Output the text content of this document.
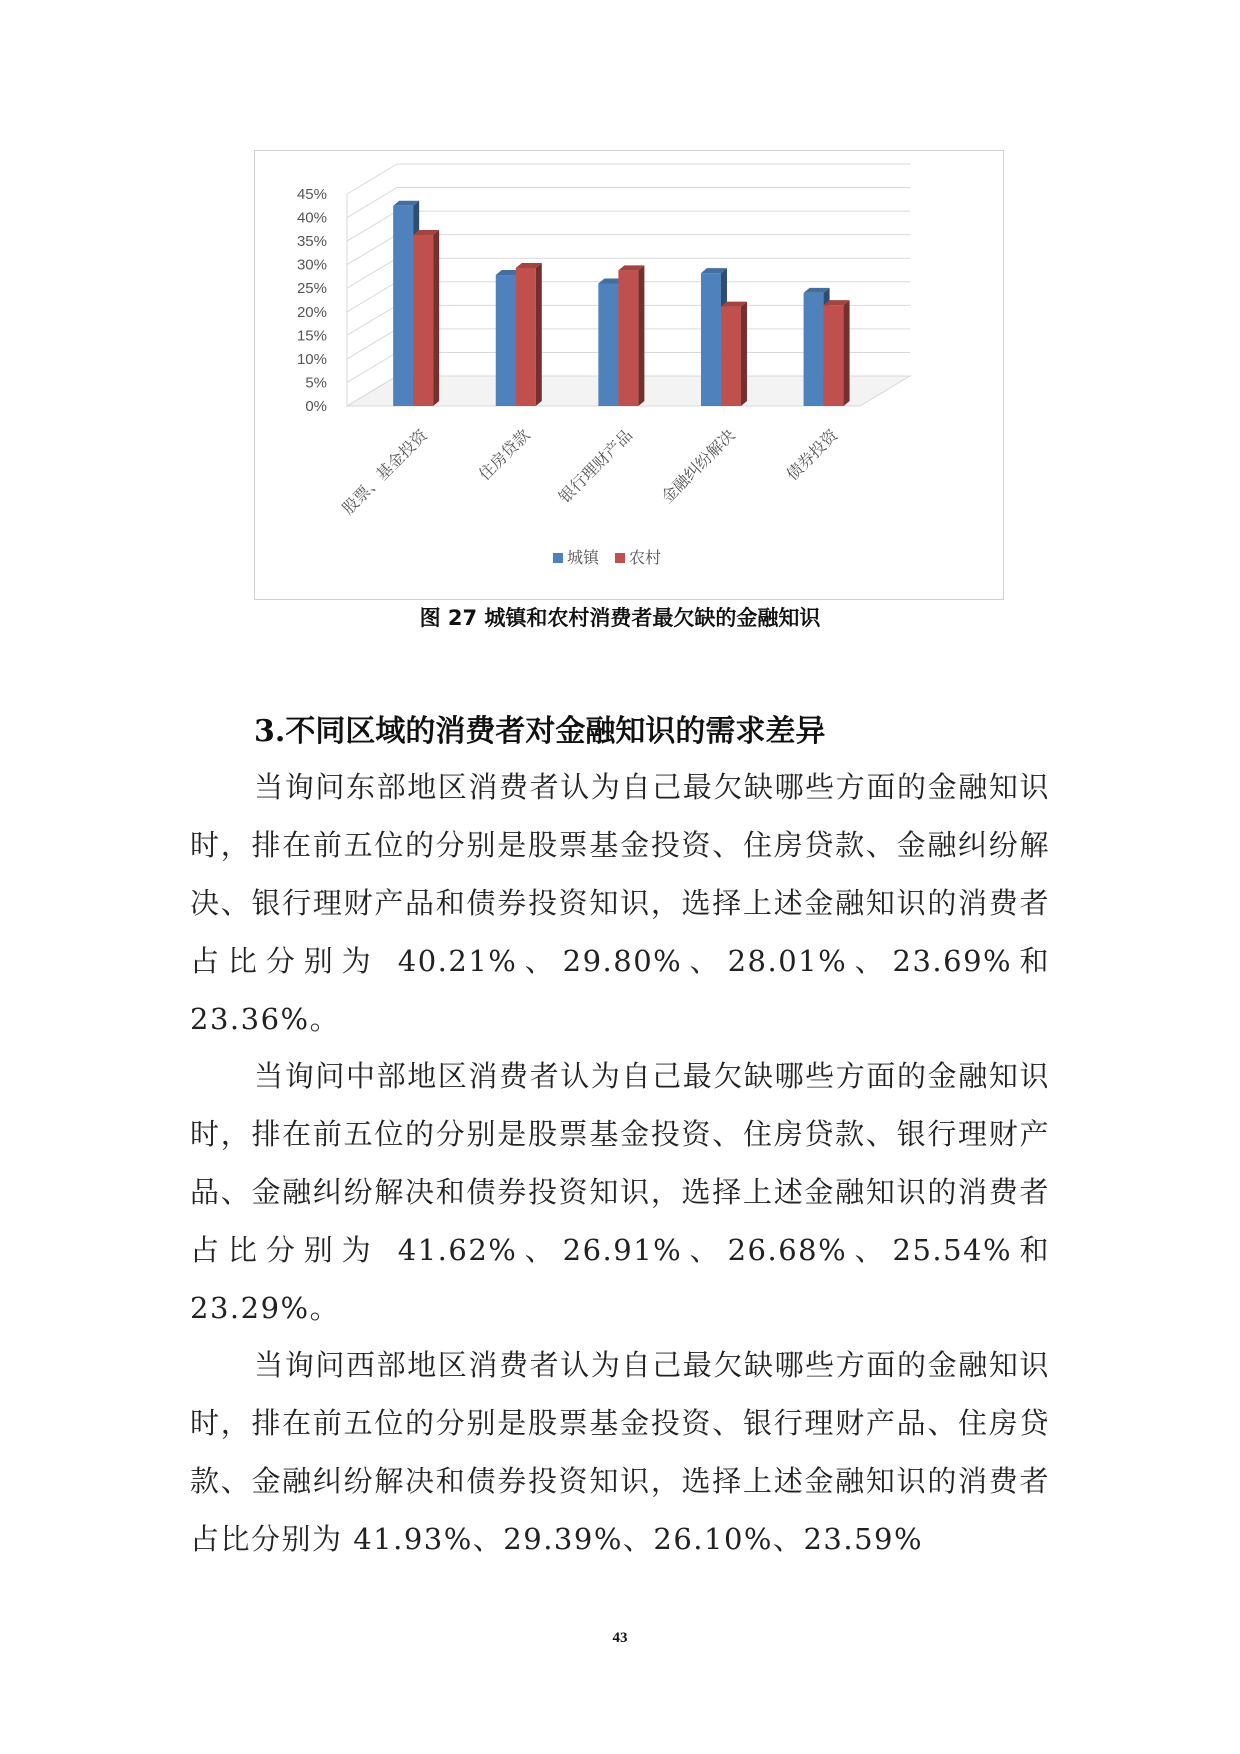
0%
5%
10%
15%
20%
25%
30%
35%
40%
45%
股票、基金投资	住房贷款 银行理财产品 金融纠纷解决	债券投资
城镇 农村
图 27 城镇和农村消费者最欠缺的金融知识
3.不同区域的消费者对金融知识的需求差异

当询问东部地区消费者认为自己最欠缺哪些方面的金融知识时，排在前五位的分别是股票基金投资、住房贷款、金融纠纷解决、银行理财产品和债券投资知识，选择上述金融知识的消费者占比分别为 40.21%、29.80%、28.01%、23.69%和 23.36%。

当询问中部地区消费者认为自己最欠缺哪些方面的金融知识时，排在前五位的分别是股票基金投资、住房贷款、银行理财产品、金融纠纷解决和债券投资知识，选择上述金融知识的消费者占比分别为 41.62%、26.91%、26.68%、25.54%和 23.29%。

当询问西部地区消费者认为自己最欠缺哪些方面的金融知识时，排在前五位的分别是股票基金投资、银行理财产品、住房贷款、金融纠纷解决和债券投资知识，选择上述金融知识的消费者占比分别为 41.93%、29.39%、26.10%、23.59%

43
